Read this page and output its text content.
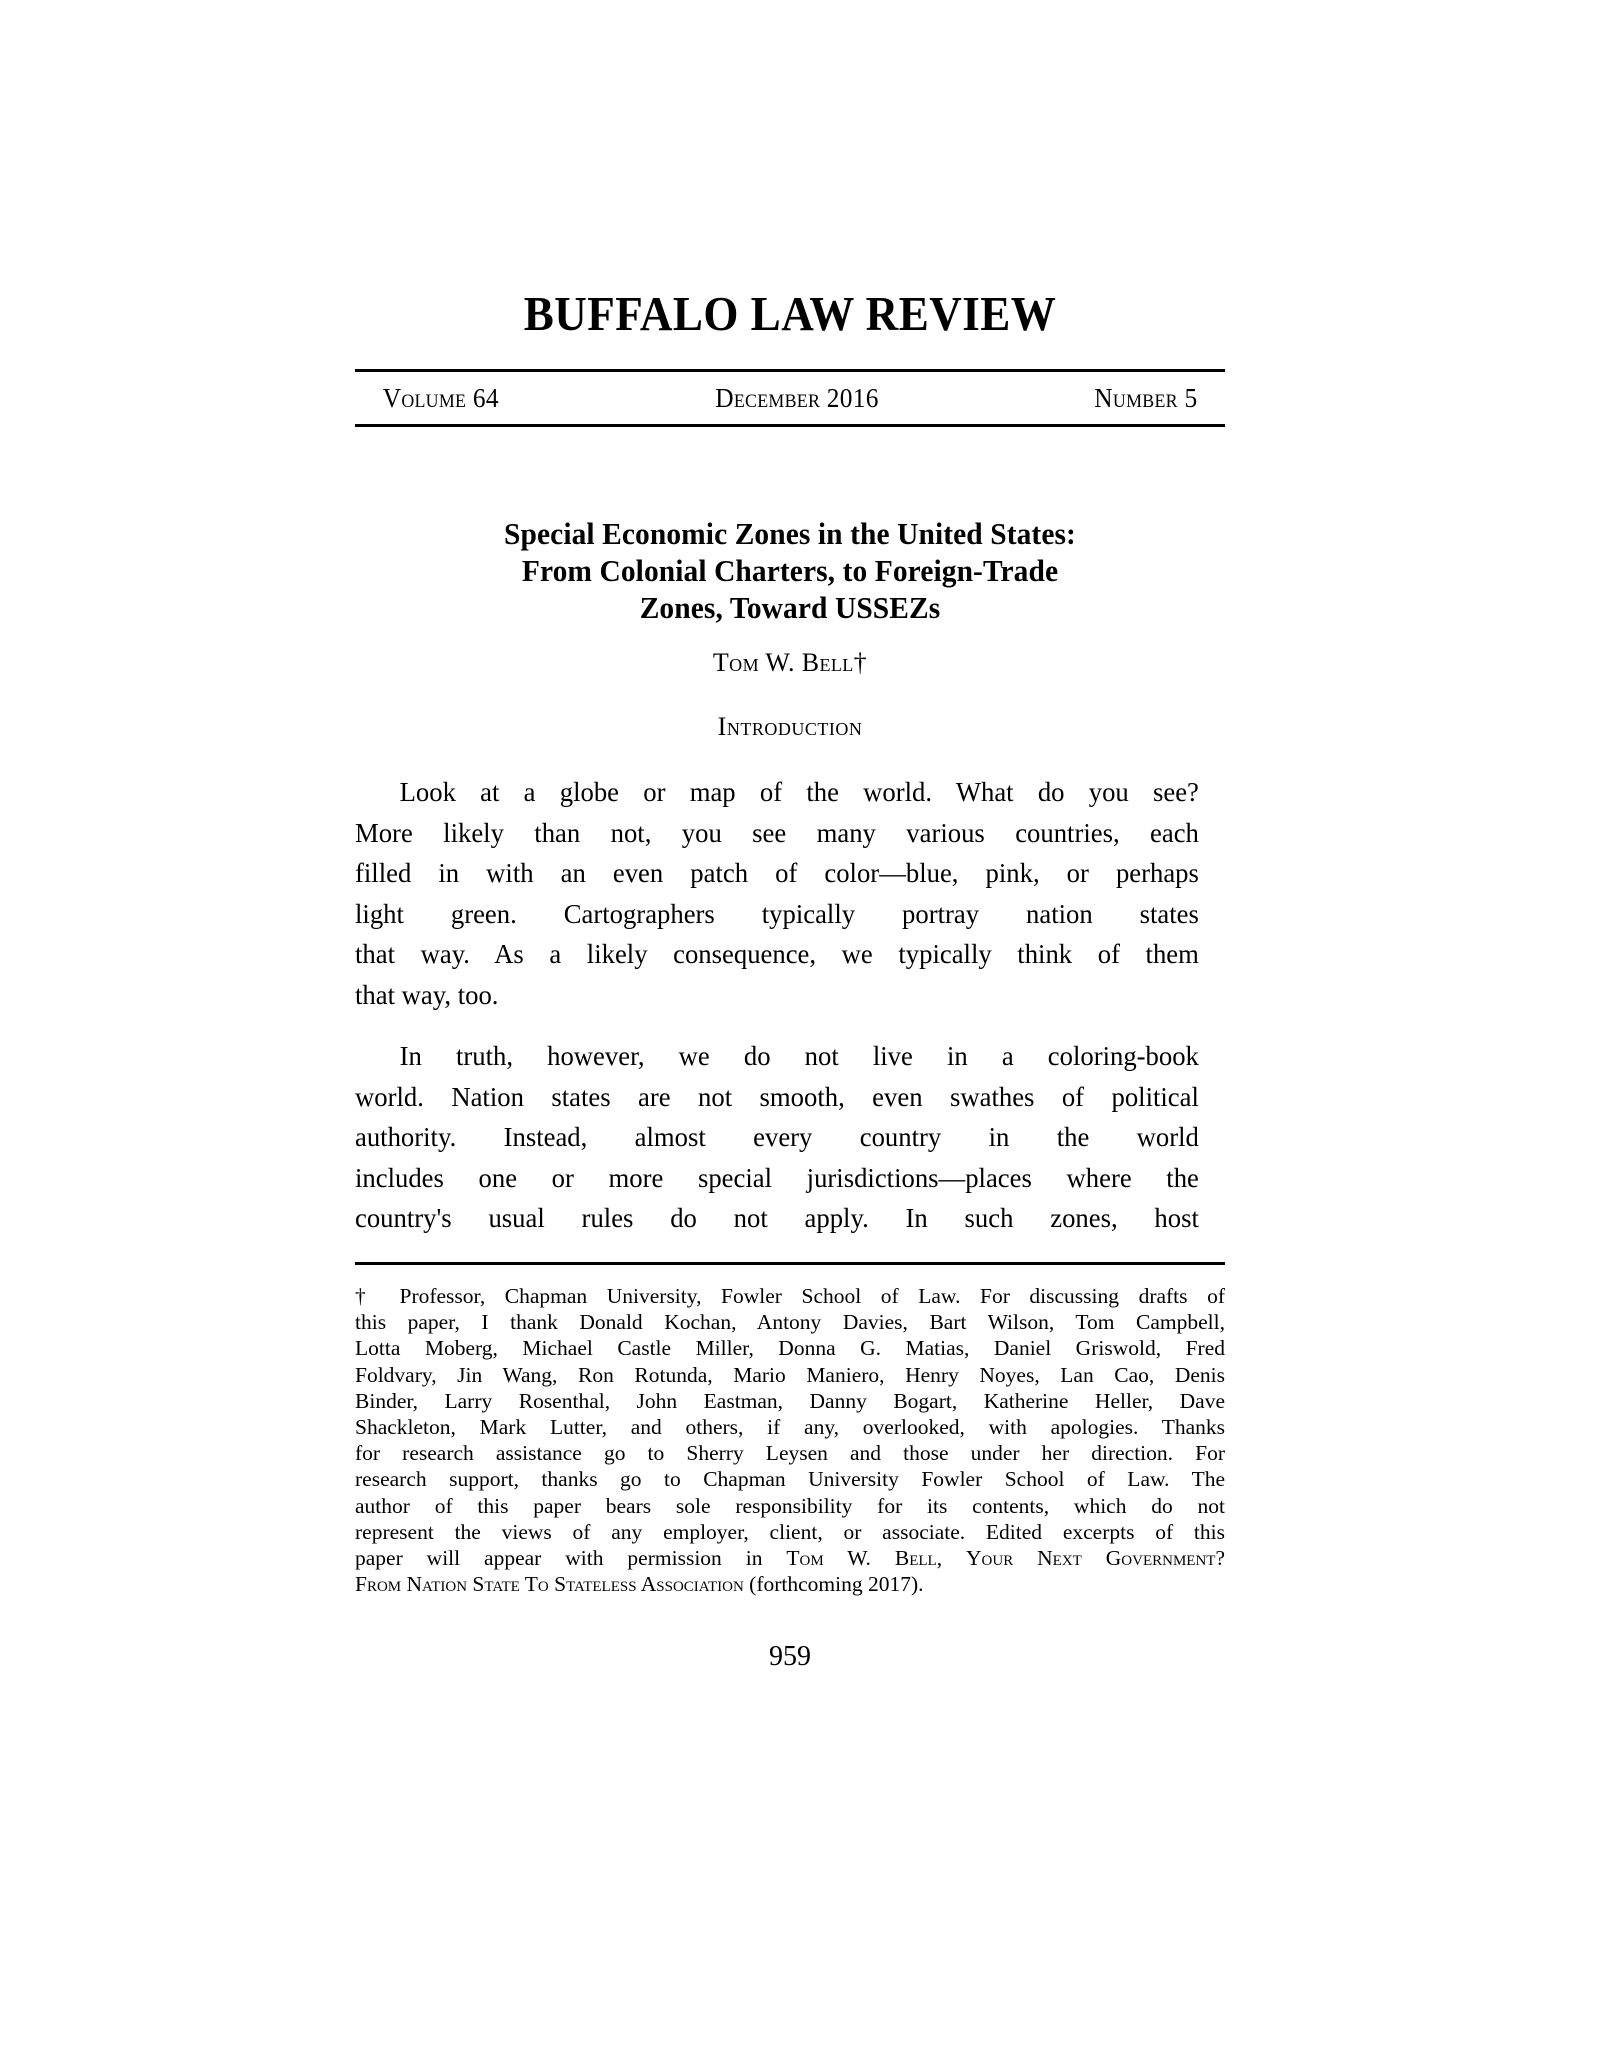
BUFFALO LAW REVIEW
Volume 64	December 2016	Number 5
Special Economic Zones in the United States:
From Colonial Charters, to Foreign-Trade
Zones, Toward USSEZs
Tom W. Bell†
Introduction

Look at a globe or map of the world. What do you see?
More likely than not, you see many various countries, each
filled in with an even patch of color—blue, pink, or perhaps
light green. Cartographers typically portray nation states
that way. As a likely consequence, we typically think of them
that way, too.

In truth, however, we do not live in a coloring-book
world. Nation states are not smooth, even swathes of political
authority. Instead, almost every country in the world
includes one or more special jurisdictions—places where the
country's usual rules do not apply. In such zones, host

† Professor, Chapman University, Fowler School of Law. For discussing drafts of
this paper, I thank Donald Kochan, Antony Davies, Bart Wilson, Tom Campbell,
Lotta Moberg, Michael Castle Miller, Donna G. Matias, Daniel Griswold, Fred
Foldvary, Jin Wang, Ron Rotunda, Mario Maniero, Henry Noyes, Lan Cao, Denis
Binder, Larry Rosenthal, John Eastman, Danny Bogart, Katherine Heller, Dave
Shackleton, Mark Lutter, and others, if any, overlooked, with apologies. Thanks
for research assistance go to Sherry Leysen and those under her direction. For
research support, thanks go to Chapman University Fowler School of Law. The
author of this paper bears sole responsibility for its contents, which do not
represent the views of any employer, client, or associate. Edited excerpts of this
paper will appear with permission in Tom W. Bell, Your Next Government?
From Nation State To Stateless Association (forthcoming 2017).
959
